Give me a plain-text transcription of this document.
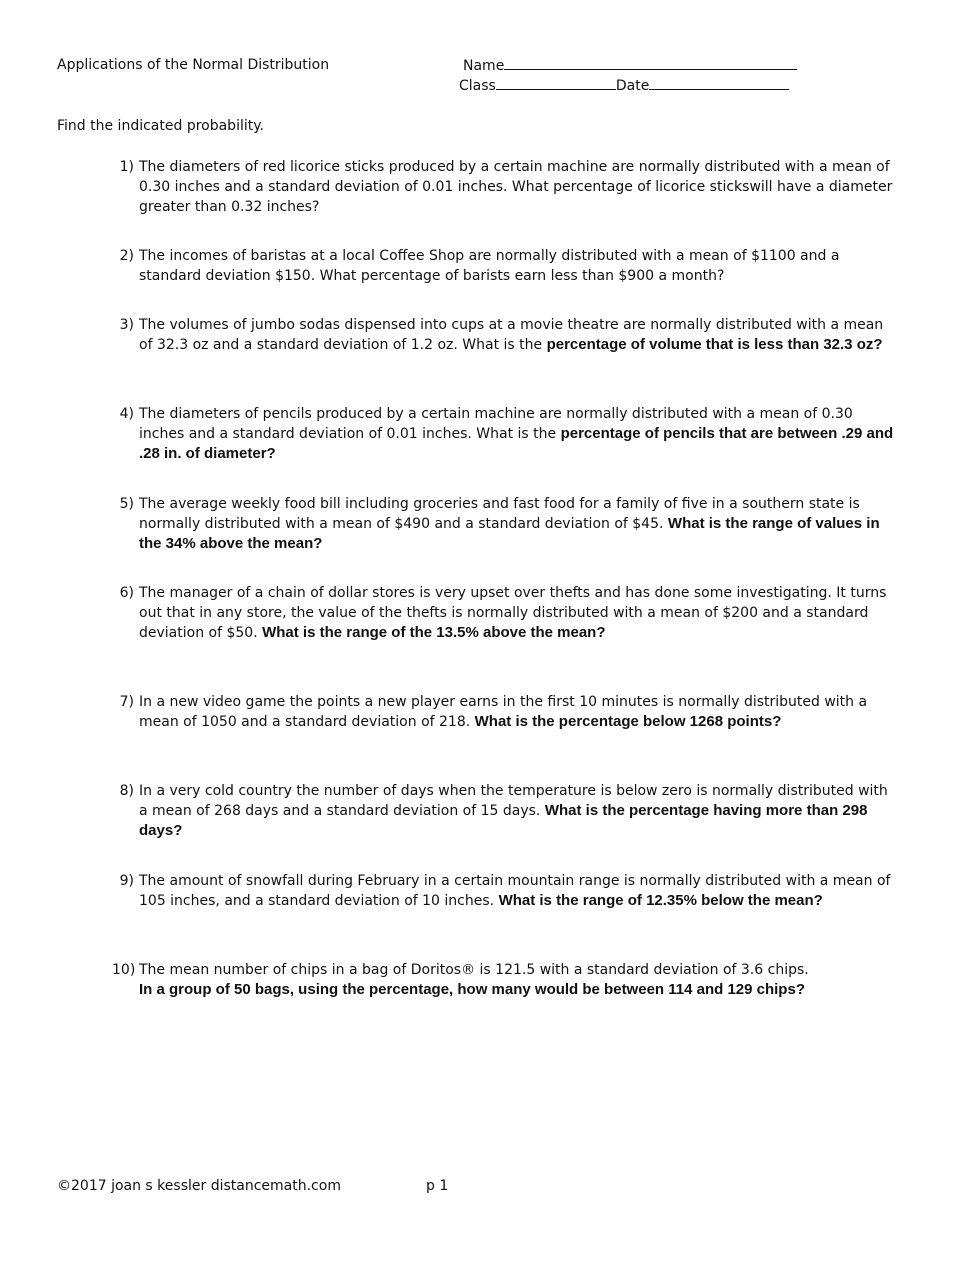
Applications of the Normal Distribution	Name
Class	Date
Find the indicated probability.
1) The diameters of red licorice sticks produced by a certain machine are normally distributed with a mean of 0.30 inches and a standard deviation of 0.01 inches. What percentage of licorice stickswill have a diameter greater than 0.32 inches?
2) The incomes of baristas at a local Coffee Shop are normally distributed with a mean of $1100 and a standard deviation $150. What percentage of barists earn less than $900 a month?
3) The volumes of jumbo sodas dispensed into cups at a movie theatre are normally distributed with a mean of 32.3 oz and a standard deviation of 1.2 oz. What is the percentage of volume that is less than 32.3 oz?
4) The diameters of pencils produced by a certain machine are normally distributed with a mean of 0.30 inches and a standard deviation of 0.01 inches. What is the percentage of pencils that are between .29 and .28 in. of diameter?
5) The average weekly food bill including groceries and fast food for a family of five in a southern state is normally distributed with a mean of $490 and a standard deviation of $45. What is the range of values in the 34% above the mean?
6) The manager of a chain of dollar stores is very upset over thefts and has done some investigating. It turns out that in any store, the value of the thefts is normally distributed with a mean of $200 and a standard deviation of $50. What is the range of the 13.5% above the mean?
7) In a new video game the points a new player earns in the first 10 minutes is normally distributed with a mean of 1050 and a standard deviation of 218. What is the percentage below 1268 points?
8) In a very cold country the number of days when the temperature is below zero is normally distributed with a mean of 268 days and a standard deviation of 15 days. What is the percentage having more than 298 days?
9) The amount of snowfall during February in a certain mountain range is normally distributed with a mean of 105 inches, and a standard deviation of 10 inches. What is the range of 12.35% below the mean?
10) The mean number of chips in a bag of Doritos® is 121.5 with a standard deviation of 3.6 chips.
In a group of 50 bags, using the percentage, how many would be between 114 and 129 chips?
©2017 joan s kessler distancemath.com	p 1
